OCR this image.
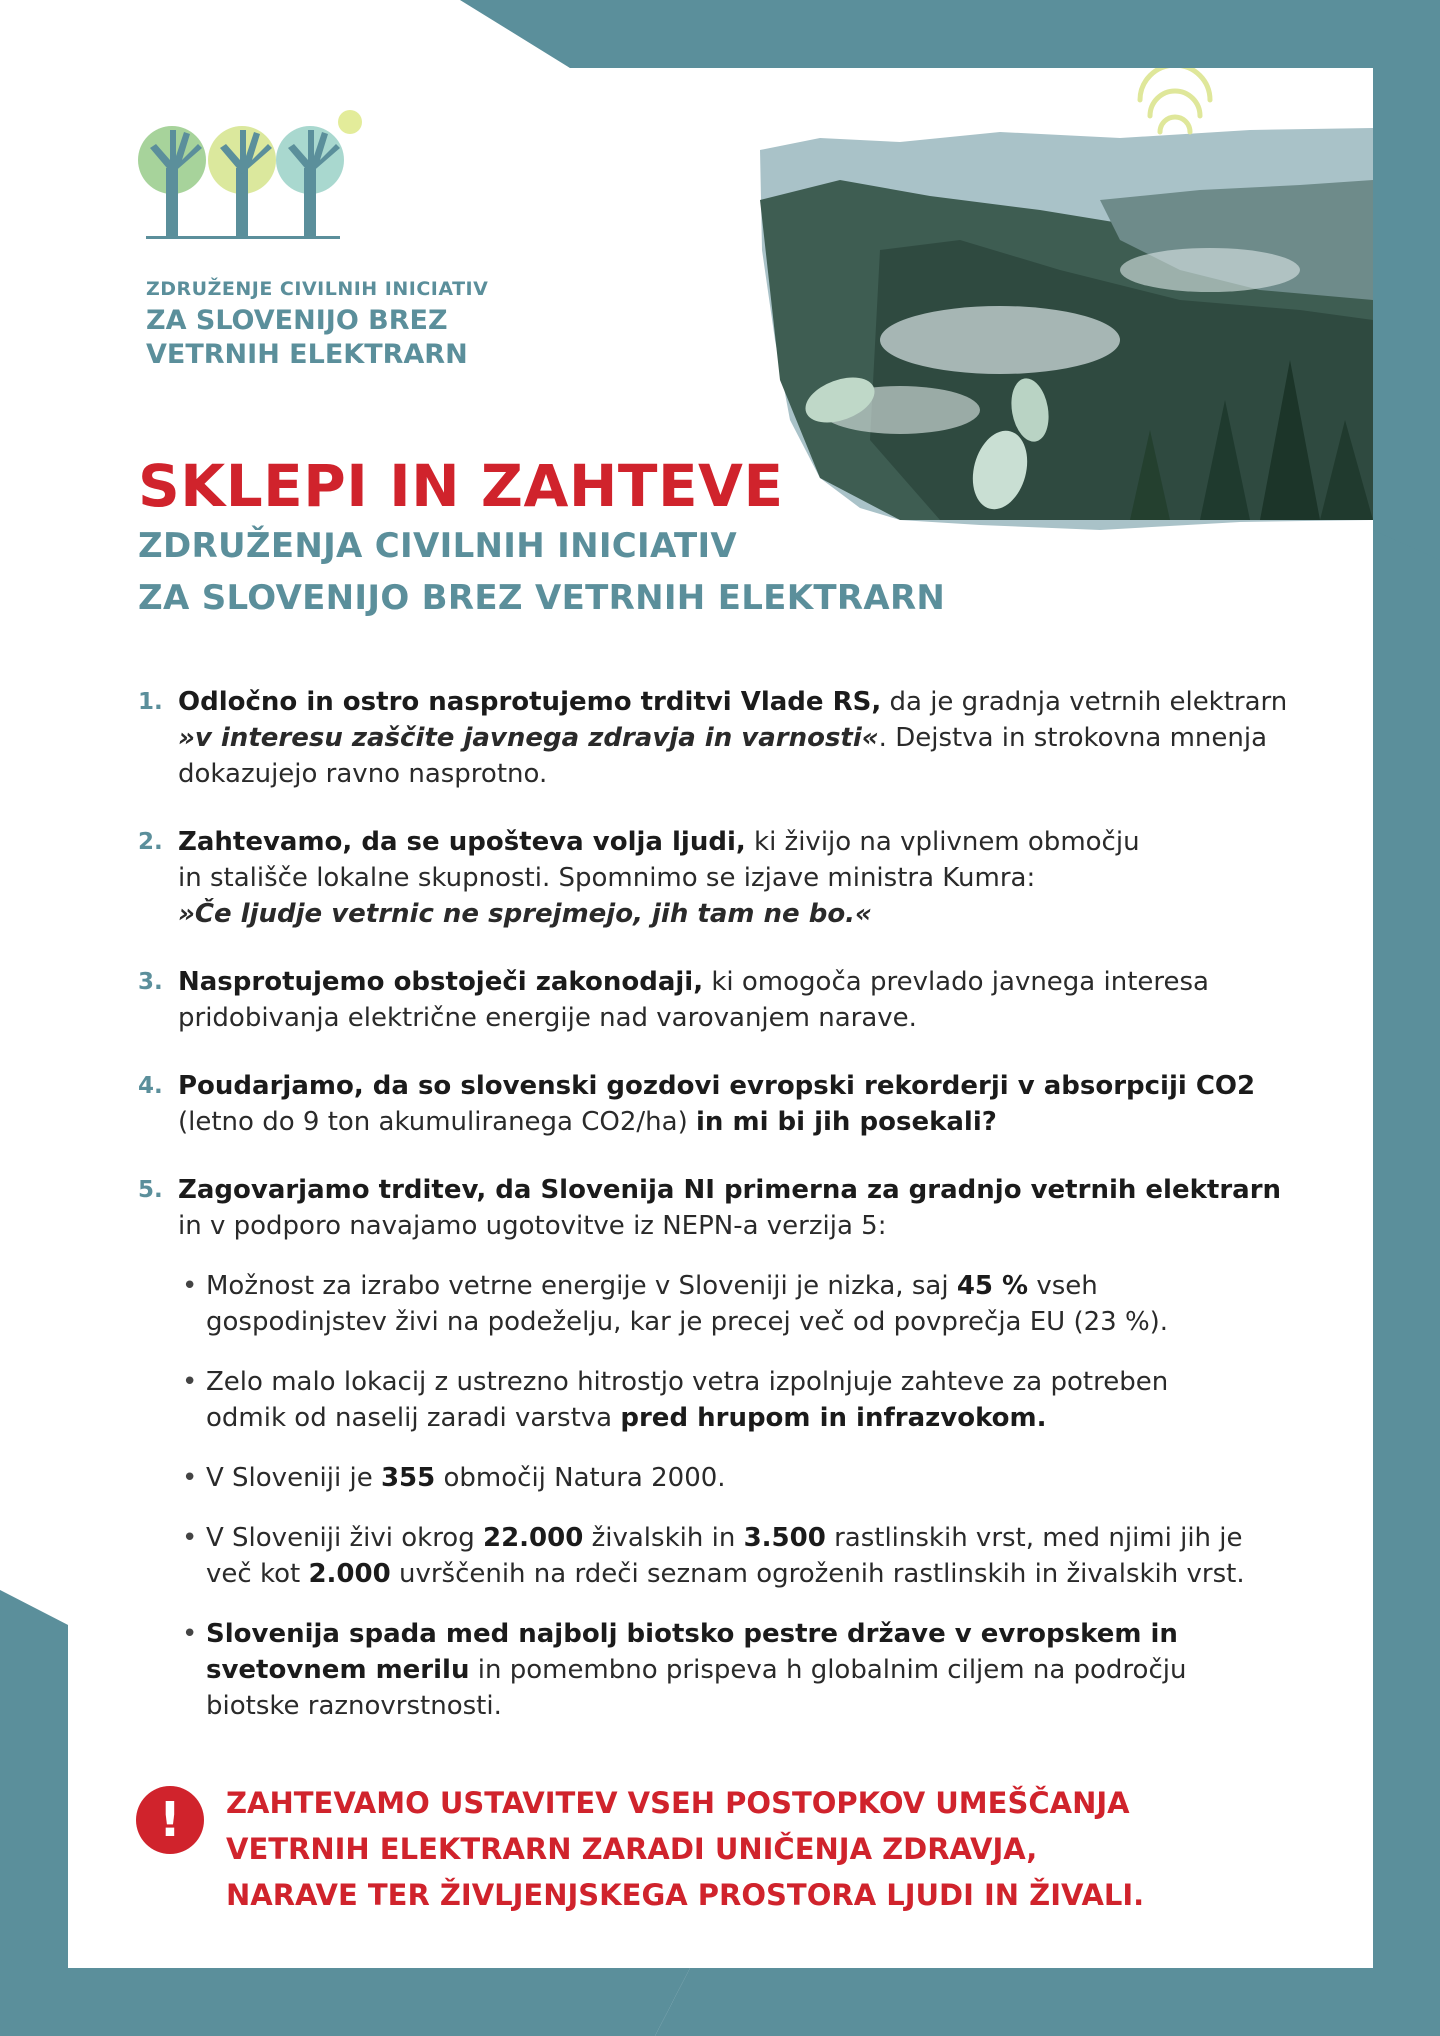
ZDRUŽENJE CIVILNIH INICIATIV
ZA SLOVENIJO BREZ
VETRNIH ELEKTRARN
SKLEPI IN ZAHTEVE
ZDRUŽENJA CIVILNIH INICIATIV
ZA SLOVENIJO BREZ VETRNIH ELEKTRARN
1. Odločno in ostro nasprotujemo trditvi Vlade RS, da je gradnja vetrnih elektrarn
»v interesu zaščite javnega zdravja in varnosti«. Dejstva in strokovna mnenja dokazujejo ravno nasprotno.
2. Zahtevamo, da se upošteva volja ljudi, ki živijo na vplivnem območju
in stališče lokalne skupnosti. Spomnimo se izjave ministra Kumra:
»Če ljudje vetrnic ne sprejmejo, jih tam ne bo.«
3. Nasprotujemo obstoječi zakonodaji, ki omogoča prevlado javnega interesa
pridobivanja električne energije nad varovanjem narave.
4. Poudarjamo, da so slovenski gozdovi evropski rekorderji v absorpciji CO2
(letno do 9 ton akumuliranega CO2/ha) in mi bi jih posekali?
5. Zagovarjamo trditev, da Slovenija NI primerna za gradnjo vetrnih elektrarn
in v podporo navajamo ugotovitve iz NEPN-a verzija 5:
• Možnost za izrabo vetrne energije v Sloveniji je nizka, saj 45 % vseh
gospodinjstev živi na podeželju, kar je precej več od povprečja EU (23 %).
• Zelo malo lokacij z ustrezno hitrostjo vetra izpolnjuje zahteve za potreben
odmik od naselij zaradi varstva pred hrupom in infrazvokom.
• V Sloveniji je 355 območij Natura 2000.
• V Sloveniji živi okrog 22.000 živalskih in 3.500 rastlinskih vrst, med njimi jih je
več kot 2.000 uvrščenih na rdeči seznam ogroženih rastlinskih in živalskih vrst.
• Slovenija spada med najbolj biotsko pestre države v evropskem in
svetovnem merilu in pomembno prispeva h globalnim ciljem na področju
biotske raznovrstnosti.
!	ZAHTEVAMO USTAVITEV VSEH POSTOPKOV UMEŠČANJA
VETRNIH ELEKTRARN ZARADI UNIČENJA ZDRAVJA,
NARAVE TER ŽIVLJENJSKEGA PROSTORA LJUDI IN ŽIVALI.
